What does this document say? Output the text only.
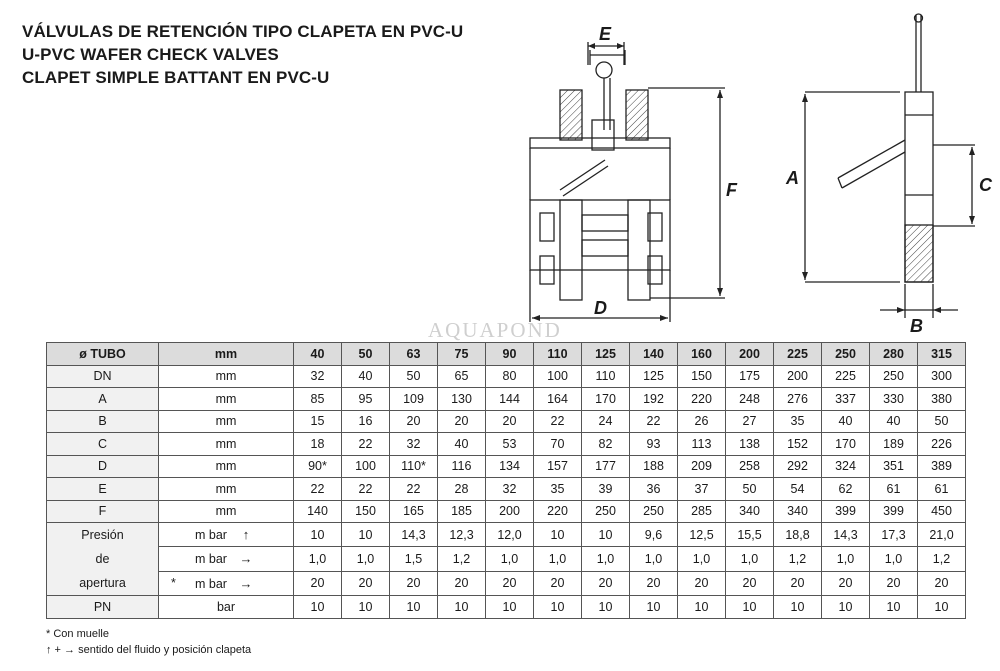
VÁLVULAS DE RETENCIÓN TIPO CLAPETA EN PVC-U
U-PVC WAFER CHECK VALVES
CLAPET SIMPLE BATTANT EN PVC-U
E
F
D
A	C
B
AQUAPOND
ø TUBO	mm	40	50	63	75	90	110	125	140	160	200	225	250	280	315
DN	mm	32	40	50	65	80	100	110	125	150	175	200	225	250	300
A	mm	85	95	109	130	144	164	170	192	220	248	276	337	330	380
B	mm	15	16	20	20	20	22	24	22	26	27	35	40	40	50
C	mm	18	22	32	40	53	70	82	93	113	138	152	170	189	226
D	mm	90*	100	110*	116	134	157	177	188	209	258	292	324	351	389
E	mm	22	22	22	28	32	35	39	36	37	50	54	62	61	61
F	mm	140	150	165	185	200	220	250	250	285	340	340	399	399	450

Presión
de
apertura	m bar ↑	10	10	14,3	12,3	12,0	10	10	9,6	12,5	15,5	18,8	14,3	17,3	21,0

m bar →	1,0	1,0	1,5	1,2	1,0	1,0	1,0	1,0	1,0	1,0	1,2	1,0	1,0	1,2

	* m bar →	20	20	20	20	20	20	20	20	20	20	20	20	20	20
PN	bar	10	10	10	10	10	10	10	10	10	10	10	10	10	10
* Con muelle
↑ + → sentido del fluido y posición clapeta
